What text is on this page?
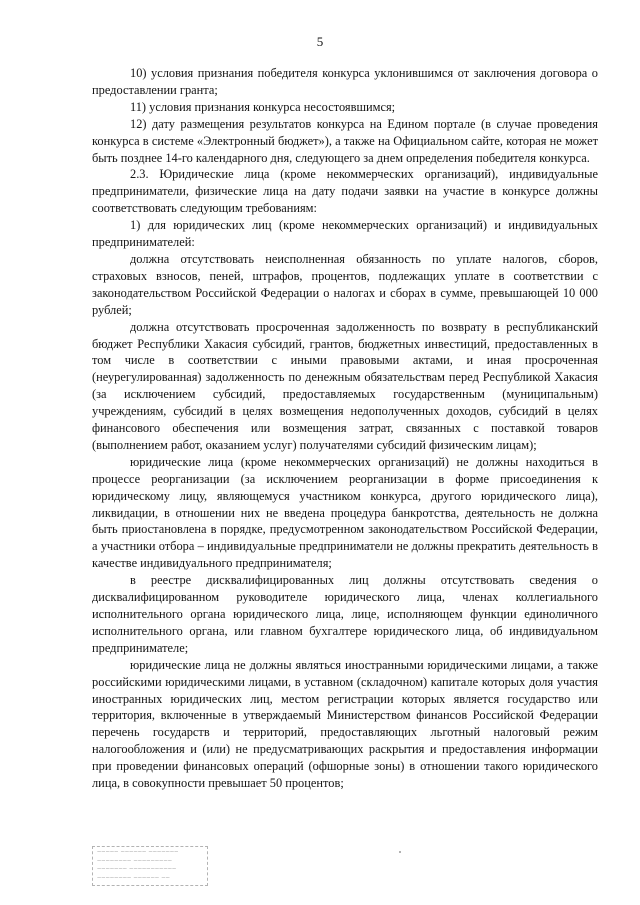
5

10) условия признания победителя конкурса уклонившимся от заключения договора о предоставлении гранта;

11) условия признания конкурса несостоявшимся;

12) дату размещения результатов конкурса на Едином портале (в случае проведения конкурса в системе «Электронный бюджет»), а также на Официальном сайте, которая не может быть позднее 14-го календарного дня, следующего за днем определения победителя конкурса.

2.3. Юридические лица (кроме некоммерческих организаций), индивидуальные предприниматели, физические лица на дату подачи заявки на участие в конкурсе должны соответствовать следующим требованиям:

1) для юридических лиц (кроме некоммерческих организаций) и индивидуальных предпринимателей:

должна отсутствовать неисполненная обязанность по уплате налогов, сборов, страховых взносов, пеней, штрафов, процентов, подлежащих уплате в соответствии с законодательством Российской Федерации о налогах и сборах в сумме, превышающей 10 000 рублей;

должна отсутствовать просроченная задолженность по возврату в республиканский бюджет Республики Хакасия субсидий, грантов, бюджетных инвестиций, предоставленных в том числе в соответствии с иными правовыми актами, и иная просроченная (неурегулированная) задолженность по денежным обязательствам перед Республикой Хакасия (за исключением субсидий, предоставляемых государственным (муниципальным) учреждениям, субсидий в целях возмещения недополученных доходов, субсидий в целях финансового обеспечения или возмещения затрат, связанных с поставкой товаров (выполнением работ, оказанием услуг) получателями субсидий физическим лицам);

юридические лица (кроме некоммерческих организаций) не должны находиться в процессе реорганизации (за исключением реорганизации в форме присоединения к юридическому лицу, являющемуся участником конкурса, другого юридического лица), ликвидации, в отношении них не введена процедура банкротства, деятельность не должна быть приостановлена в порядке, предусмотренном законодательством Российской Федерации, а участники отбора – индивидуальные предприниматели не должны прекратить деятельность в качестве индивидуального предпринимателя;

в реестре дисквалифицированных лиц должны отсутствовать сведения о дисквалифицированном руководителе юридического лица, членах коллегиального исполнительного органа юридического лица, лице, исполняющем функции единоличного исполнительного органа, или главном бухгалтере юридического лица, об индивидуальном предпринимателе;

юридические лица не должны являться иностранными юридическими лицами, а также российскими юридическими лицами, в уставном (складочном) капитале которых доля участия иностранных юридических лиц, местом регистрации которых является государство или территория, включенные в утверждаемый Министерством финансов Российской Федерации перечень государств и территорий, предоставляющих льготный налоговый режим налогообложения и (или) не предусматривающих раскрытия и предоставления информации при проведении финансовых операций (офшорные зоны) в отношении такого юридического лица, в совокупности превышает 50 процентов;

~~~~~ ~~~~~~ ~~~~~~~
~~~~~~~~ ~~~~~~~~~
~~~~~~~ ~~~~~~~~~~~
~~~~~~~~ ~~~~~~ ~~
